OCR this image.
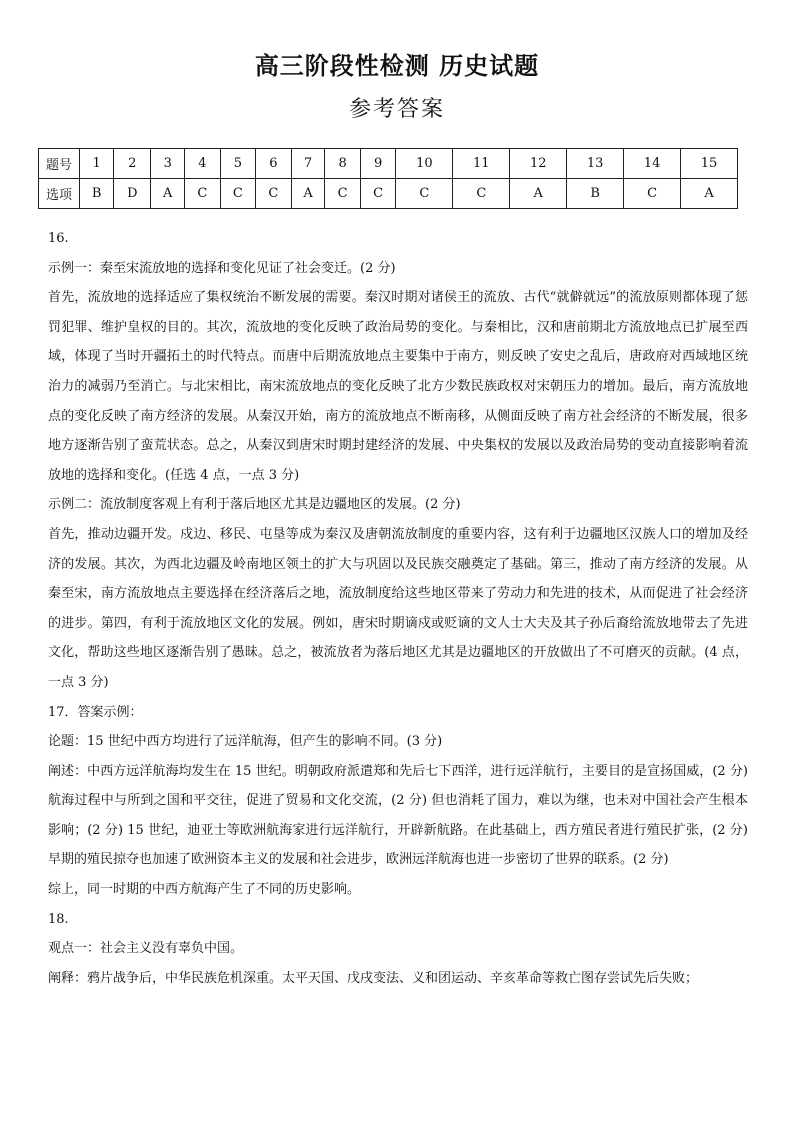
高三阶段性检测 历史试题
参考答案
题号	1	2	3	4	5	6	7	8	9	10	11	12	13	14	15
选项	B	D	A	C	C	C	A	C	C	C	C	A	B	C	A

16.

示例一：秦至宋流放地的选择和变化见证了社会变迁。(2 分)

首先，流放地的选择适应了集权统治不断发展的需要。秦汉时期对诸侯王的流放、古代“就僻就远”的流放原则都体现了惩罚犯罪、维护皇权的目的。其次，流放地的变化反映了政治局势的变化。与秦相比，汉和唐前期北方流放地点已扩展至西域，体现了当时开疆拓土的时代特点。而唐中后期流放地点主要集中于南方，则反映了安史之乱后，唐政府对西域地区统治力的减弱乃至消亡。与北宋相比，南宋流放地点的变化反映了北方少数民族政权对宋朝压力的增加。最后，南方流放地点的变化反映了南方经济的发展。从秦汉开始，南方的流放地点不断南移，从侧面反映了南方社会经济的不断发展，很多地方逐渐告别了蛮荒状态。总之，从秦汉到唐宋时期封建经济的发展、中央集权的发展以及政治局势的变动直接影响着流放地的选择和变化。(任选 4 点，一点 3 分)

示例二：流放制度客观上有利于落后地区尤其是边疆地区的发展。(2 分)

首先，推动边疆开发。戍边、移民、屯垦等成为秦汉及唐朝流放制度的重要内容，这有利于边疆地区汉族人口的增加及经济的发展。其次，为西北边疆及岭南地区领土的扩大与巩固以及民族交融奠定了基础。第三，推动了南方经济的发展。从秦至宋，南方流放地点主要选择在经济落后之地，流放制度给这些地区带来了劳动力和先进的技术，从而促进了社会经济的进步。第四，有利于流放地区文化的发展。例如，唐宋时期谪戍或贬谪的文人士大夫及其子孙后裔给流放地带去了先进文化，帮助这些地区逐渐告别了愚昧。总之，被流放者为落后地区尤其是边疆地区的开放做出了不可磨灭的贡献。(4 点，一点 3 分)

17．答案示例：

论题：15 世纪中西方均进行了远洋航海，但产生的影响不同。(3 分)

阐述：中西方远洋航海均发生在 15 世纪。明朝政府派遣郑和先后七下西洋，进行远洋航行，主要目的是宣扬国威，(2 分) 航海过程中与所到之国和平交往，促进了贸易和文化交流，(2 分) 但也消耗了国力，难以为继，也未对中国社会产生根本影响；(2 分) 15 世纪，迪亚士等欧洲航海家进行远洋航行，开辟新航路。在此基础上，西方殖民者进行殖民扩张，(2 分) 早期的殖民掠夺也加速了欧洲资本主义的发展和社会进步，欧洲远洋航海也进一步密切了世界的联系。(2 分)

综上，同一时期的中西方航海产生了不同的历史影响。

18.

观点一：社会主义没有辜负中国。

阐释：鸦片战争后，中华民族危机深重。太平天国、戊戌变法、义和团运动、辛亥革命等救亡图存尝试先后失败；
